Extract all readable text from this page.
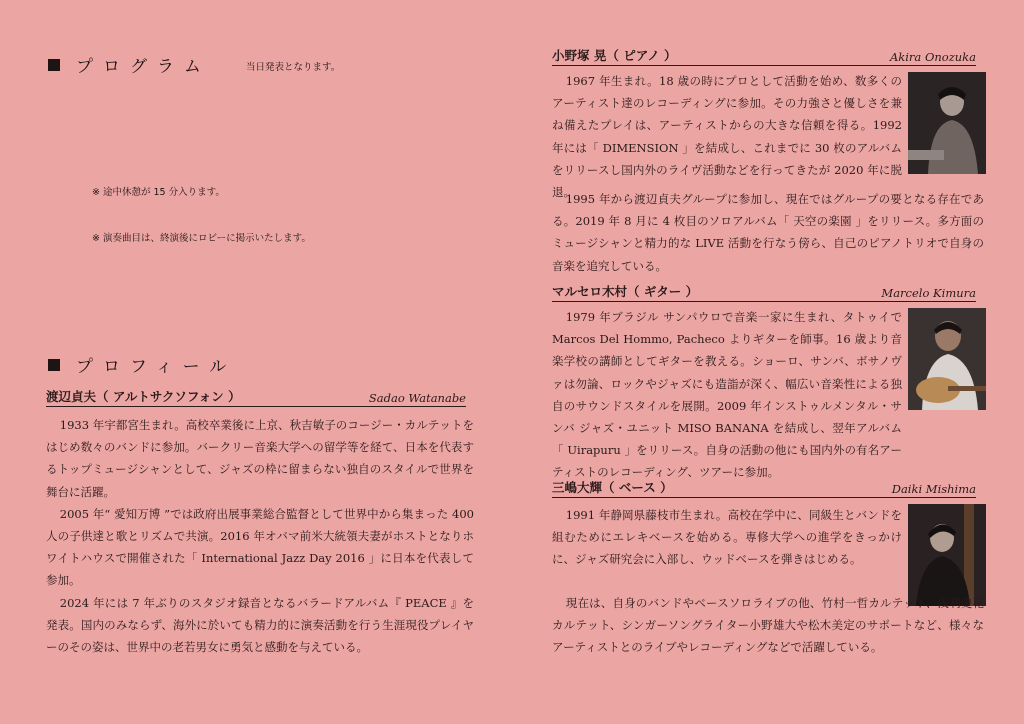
プログラム	当日発表となります。
※ 途中休憩が 15 分入ります。
※ 演奏曲目は、終演後にロビーに掲示いたします。
プロフィール
渡辺貞夫（ アルトサクソフォン ）	Sadao Watanabe

1933 年宇都宮生まれ。高校卒業後に上京、秋吉敏子のコージー・カルテットをはじめ数々のバンドに参加。バークリー音楽大学への留学等を経て、日本を代表するトップミュージシャンとして、ジャズの枠に留まらない独自のスタイルで世界を舞台に活躍。

2005 年“ 愛知万博 ”では政府出展事業総合監督として世界中から集まった 400 人の子供達と歌とリズムで共演。2016 年オバマ前米大統領夫妻がホストとなりホワイトハウスで開催された「 International Jazz Day 2016 」に日本を代表して参加。

2024 年には 7 年ぶりのスタジオ録音となるバラードアルバム『 PEACE 』を発表。国内のみならず、海外に於いても精力的に演奏活動を行う生涯現役プレイヤーのその姿は、世界中の老若男女に勇気と感動を与えている。

小野塚 晃（ ピアノ ）	Akira Onozuka

1967 年生まれ。18 歳の時にプロとして活動を始め、数多くのアーティスト達のレコーディングに参加。その力強さと優しさを兼ね備えたプレイは、アーティストからの大きな信頼を得る。1992 年には「 DIMENSION 」を結成し、これまでに 30 枚のアルバムをリリースし国内外のライヴ活動などを行ってきたが 2020 年に脱退。

1995 年から渡辺貞夫グループに参加し、現在ではグループの要となる存在である。2019 年 8 月に 4 枚目のソロアルバム「 天空の楽園 」をリリース。多方面のミュージシャンと精力的な LIVE 活動を行なう傍ら、自己のピアノトリオで自身の音楽を追究している。

マルセロ木村（ ギター ）	Marcelo Kimura

1979 年ブラジル サンパウロで音楽一家に生まれ、タトゥイで Marcos Del Hommo, Pacheco よりギターを師事。16 歳より音楽学校の講師としてギターを教える。ショーロ、サンバ、ボサノヴァは勿論、ロックやジャズにも造詣が深く、幅広い音楽性による独自のサウンドスタイルを展開。2009 年インストゥルメンタル・サンバ ジャズ・ユニット MISO BANANA を結成し、翌年アルバム「 Uirapuru 」をリリース。自身の活動の他にも国内外の有名アーティストのレコーディング、ツアーに参加。

三嶋大輝（ ベース ）	Daiki Mishima

1991 年静岡県藤枝市生まれ。高校在学中に、同級生とバンドを組むためにエレキベースを始める。専修大学への進学をきっかけに、ジャズ研究会に入部し、ウッドベースを弾きはじめる。

現在は、自身のバンドやベースソロライブの他、竹村一哲カルテット、浅利史花カルテット、シンガーソングライター小野雄大や松木美定のサポートなど、様々なアーティストとのライブやレコーディングなどで活躍している。
